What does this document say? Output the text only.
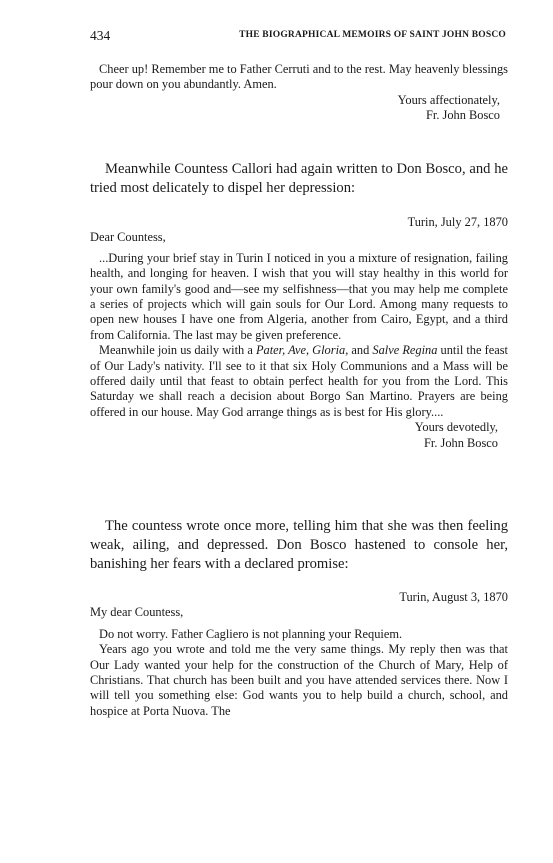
434	THE BIOGRAPHICAL MEMOIRS OF SAINT JOHN BOSCO

Cheer up! Remember me to Father Cerruti and to the rest. May heavenly blessings pour down on you abundantly. Amen.

Yours affectionately,

Fr. John Bosco

Meanwhile Countess Callori had again written to Don Bosco, and he tried most delicately to dispel her depression:

Turin, July 27, 1870

Dear Countess,

...During your brief stay in Turin I noticed in you a mixture of resignation, failing health, and longing for heaven. I wish that you will stay healthy in this world for your own family's good and—see my selfishness—that you may help me complete a series of projects which will gain souls for Our Lord. Among many requests to open new houses I have one from Algeria, another from Cairo, Egypt, and a third from California. The last may be given preference.

Meanwhile join us daily with a Pater, Ave, Gloria, and Salve Regina until the feast of Our Lady's nativity. I'll see to it that six Holy Communions and a Mass will be offered daily until that feast to obtain perfect health for you from the Lord. This Saturday we shall reach a decision about Borgo San Martino. Prayers are being offered in our house. May God arrange things as is best for His glory....

Yours devotedly,

Fr. John Bosco

The countess wrote once more, telling him that she was then feeling weak, ailing, and depressed. Don Bosco hastened to console her, banishing her fears with a declared promise:

Turin, August 3, 1870

My dear Countess,

Do not worry. Father Cagliero is not planning your Requiem.

Years ago you wrote and told me the very same things. My reply then was that Our Lady wanted your help for the construction of the Church of Mary, Help of Christians. That church has been built and you have attended services there. Now I will tell you something else: God wants you to help build a church, school, and hospice at Porta Nuova. The
